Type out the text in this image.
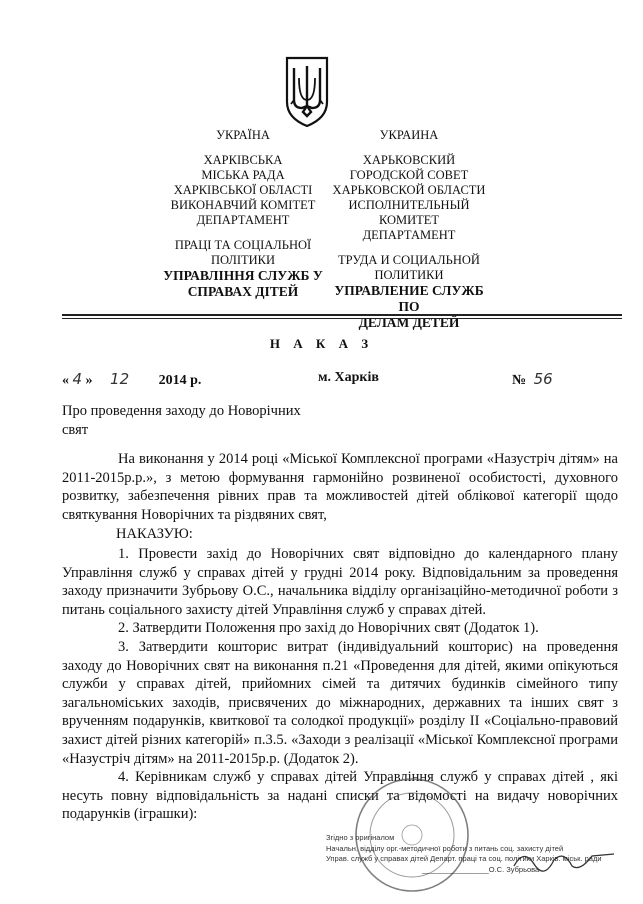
УКРАЇНА
ХАРКІВСЬКА
МІСЬКА РАДА
ХАРКІВСЬКОЇ ОБЛАСТІ
ВИКОНАВЧИЙ КОМІТЕТ
ДЕПАРТАМЕНТ
ПРАЦІ ТА СОЦІАЛЬНОЇ
ПОЛІТИКИ
УПРАВЛІННЯ СЛУЖБ У
СПРАВАХ ДІТЕЙ
УКРАИНА
ХАРЬКОВСКИЙ
ГОРОДСКОЙ СОВЕТ
ХАРЬКОВСКОЙ ОБЛАСТИ
ИСПОЛНИТЕЛЬНЫЙ КОМИТЕТ
ДЕПАРТАМЕНТ
ТРУДА И СОЦИАЛЬНОЙ
ПОЛИТИКИ
УПРАВЛЕНИЕ СЛУЖБ ПО
ДЕЛАМ ДЕТЕЙ
Н А К А З
« 4 » 12 2014 р.	м. Харків	№ 56
Про проведення заходу до Новорічних свят
На виконання у 2014 році «Міської Комплексної програми «Назустріч дітям» на 2011-2015р.р.», з метою формування гармонійно розвиненої особистості, духовного розвитку, забезпечення рівних прав та можливостей дітей облікової категорії щодо святкування Новорічних та різдвяних свят,
НАКАЗУЮ:

1. Провести захід до Новорічних свят відповідно до календарного плану Управління служб у справах дітей у грудні 2014 року. Відповідальним за проведення заходу призначити Зубрьову О.С., начальника відділу організаційно-методичної роботи з питань соціального захисту дітей Управління служб у справах дітей.

2. Затвердити Положення про захід до Новорічних свят (Додаток 1).

3. Затвердити кошторис витрат (індивідуальний кошторис) на проведення заходу до Новорічних свят на виконання п.21 «Проведення для дітей, якими опікуються служби у справах дітей, прийомних сімей та дитячих будинків сімейного типу загальноміських заходів, присвячених до міжнародних, державних та інших свят з врученням подарунків, квиткової та солодкої продукції» розділу ІІ «Соціально-правовий захист дітей різних категорій» п.3.5. «Заходи з реалізації «Міської Комплексної програми «Назустріч дітям» на 2011-2015р.р. (Додаток 2).

4. Керівникам служб у справах дітей Управління служб у справах дітей , які несуть повну відповідальність за надані списки та відомості на видачу новорічних подарунків (іграшки):

Згідно з оригіналом
Начальн. відділу орг.-методичної роботи з питань соц. захисту дітей
Управ. служб у справах дітей Департ. праці та соц. політики Харків. міськ. ради
________________О.С. Зубрьова
